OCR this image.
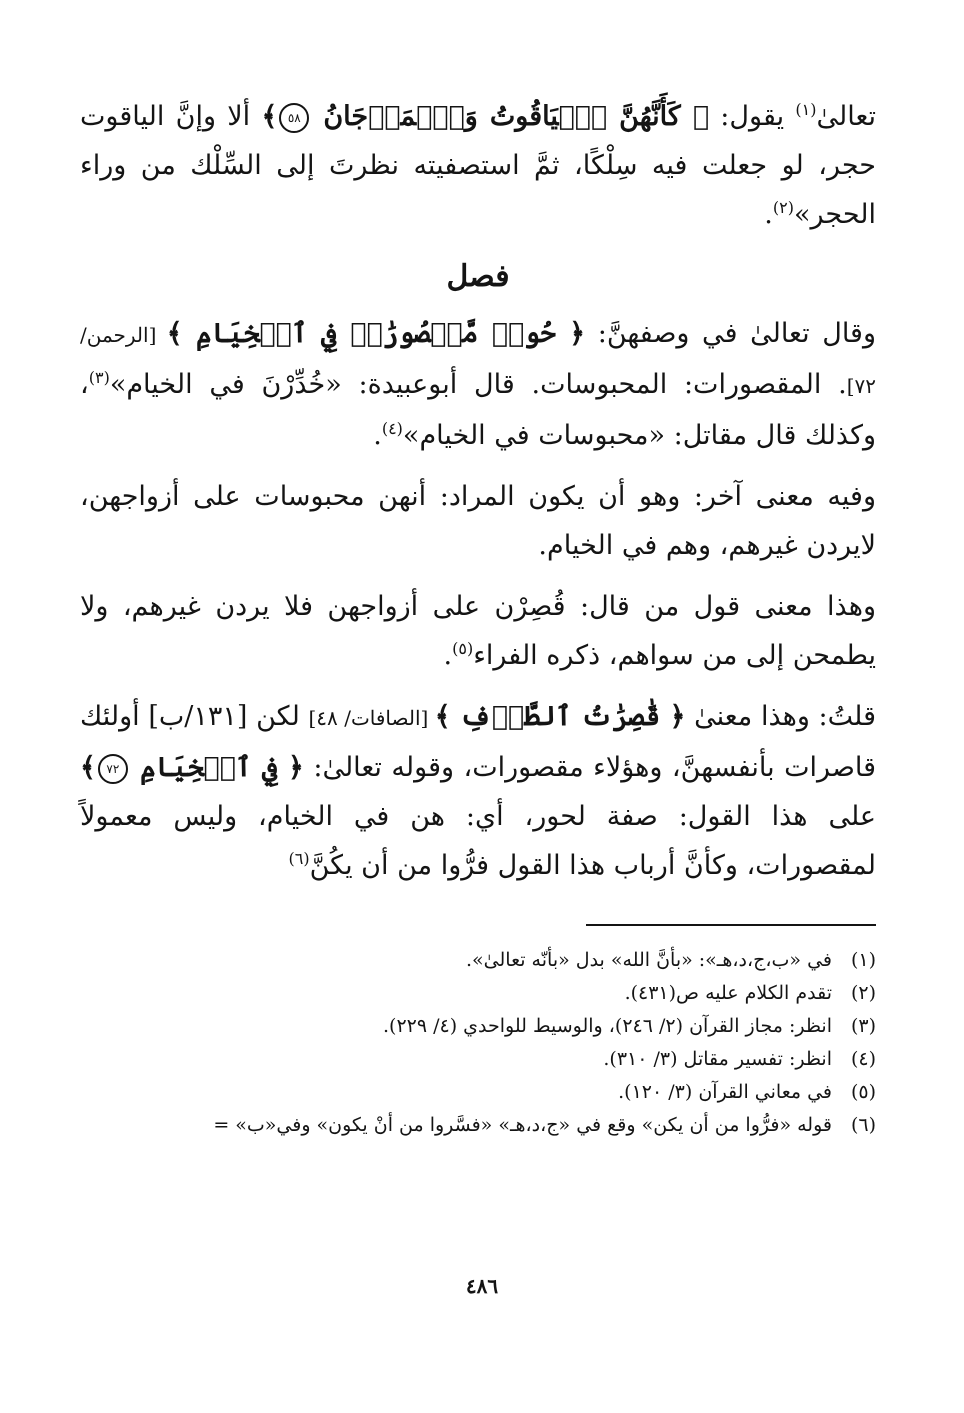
تعالىٰ$^{(١)}$ يقول: ﴿ كَأَنَّهُنَّ ٱلۡيَاقُوتُ وَٱلۡمَرۡجَانُ ٥٨﴾ ألا وإنَّ الياقوت حجر، لو جعلت فيه سِلْكًا، ثمَّ استصفيته نظرتَ إلى السِّلْك من وراء الحجر»$^{(٢)}$.

فصل

وقال تعالىٰ في وصفهنَّ: ﴿ حُورٞ مَّقۡصُورَٰتٞ فِي ٱلۡخِيَامِ ﴾ [الرحمن/ ٧٢]. المقصورات: المحبوسات. قال أبوعبيدة: «خُدِّرْنَ في الخيام»$^{(٣)}$، وكذلك قال مقاتل: «محبوسات في الخيام»$^{(٤)}$.

وفيه معنى آخر: وهو أن يكون المراد: أنهن محبوسات على أزواجهن، لايردن غيرهم، وهم في الخيام.

وهذا معنى قول من قال: قُصِرْن على أزواجهن فلا يردن غيرهم، ولا يطمحن إلى من سواهم، ذكره الفراء$^{(٥)}$.

قلتُ: وهذا معنىٰ ﴿ قَٰصِرَٰتُ ٱلطَّرۡفِ ﴾ [الصافات/ ٤٨] لكن [١٣١/ب] أولئك قاصرات بأنفسهنَّ، وهؤلاء مقصورات، وقوله تعالىٰ: ﴿ فِي ٱلۡخِيَامِ ٧٢﴾ على هذا القول: صفة لحور، أي: هن في الخيام، وليس معمولاً لمقصورات، وكأنَّ أرباب هذا القول فرُّوا من أن يكُنَّ$^{(٦)}$

(١)
في «ب،ج،د،هـ»: «بأنَّ الله» بدل «بأنّه تعالىٰ».
(٢)
تقدم الكلام عليه ص(٤٣١).
(٣)
انظر: مجاز القرآن (٢/ ٢٤٦)، والوسيط للواحدي (٤/ ٢٢٩).
(٤)
انظر: تفسير مقاتل (٣/ ٣١٠).
(٥)
في معاني القرآن (٣/ ١٢٠).
(٦)
قوله «فرُّوا من أن يكن» وقع في «ج،د،هـ» «فسَّروا من أنْ يكون» وفي«ب» =
٤٨٦
